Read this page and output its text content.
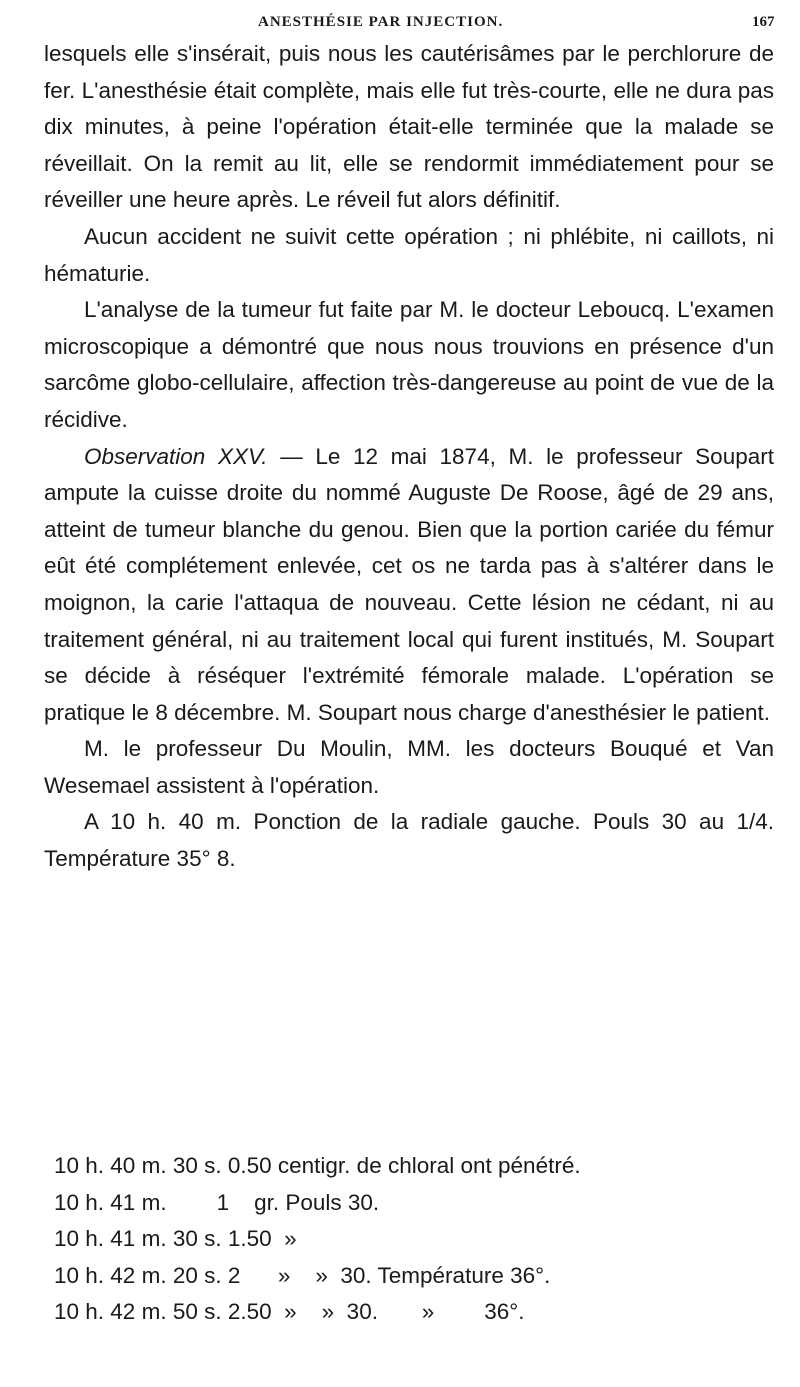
ANESTHÉSIE PAR INJECTION.	167

lesquels elle s'insérait, puis nous les cautérisâmes par le perchlorure de fer. L'anesthésie était complète, mais elle fut très-courte, elle ne dura pas dix minutes, à peine l'opération était-elle terminée que la malade se réveillait. On la remit au lit, elle se rendormit immédiatement pour se réveiller une heure après. Le réveil fut alors définitif.

Aucun accident ne suivit cette opération ; ni phlébite, ni caillots, ni hématurie.

L'analyse de la tumeur fut faite par M. le docteur Leboucq. L'examen microscopique a démontré que nous nous trouvions en présence d'un sarcôme globo-cellulaire, affection très-dangereuse au point de vue de la récidive.

Observation XXV. — Le 12 mai 1874, M. le professeur Soupart ampute la cuisse droite du nommé Auguste De Roose, âgé de 29 ans, atteint de tumeur blanche du genou. Bien que la portion cariée du fémur eût été complétement enlevée, cet os ne tarda pas à s'altérer dans le moignon, la carie l'attaqua de nouveau. Cette lésion ne cédant, ni au traitement général, ni au traitement local qui furent institués, M. Soupart se décide à réséquer l'extrémité fémorale malade. L'opération se pratique le 8 décembre. M. Soupart nous charge d'anesthésier le patient.

M. le professeur Du Moulin, MM. les docteurs Bouqué et Van Wesemael assistent à l'opération.

A 10 h. 40 m. Ponction de la radiale gauche. Pouls 30 au 1/4. Température 35° 8.

10 h. 40 m. 30 s. 0.50 centigr. de chloral ont pénétré.
10 h. 41 m.        1    gr. Pouls 30.
10 h. 41 m. 30 s. 1.50  »
10 h. 42 m. 20 s. 2      »    »  30. Température 36°.
10 h. 42 m. 50 s. 2.50  »    »  30.       »        36°.
